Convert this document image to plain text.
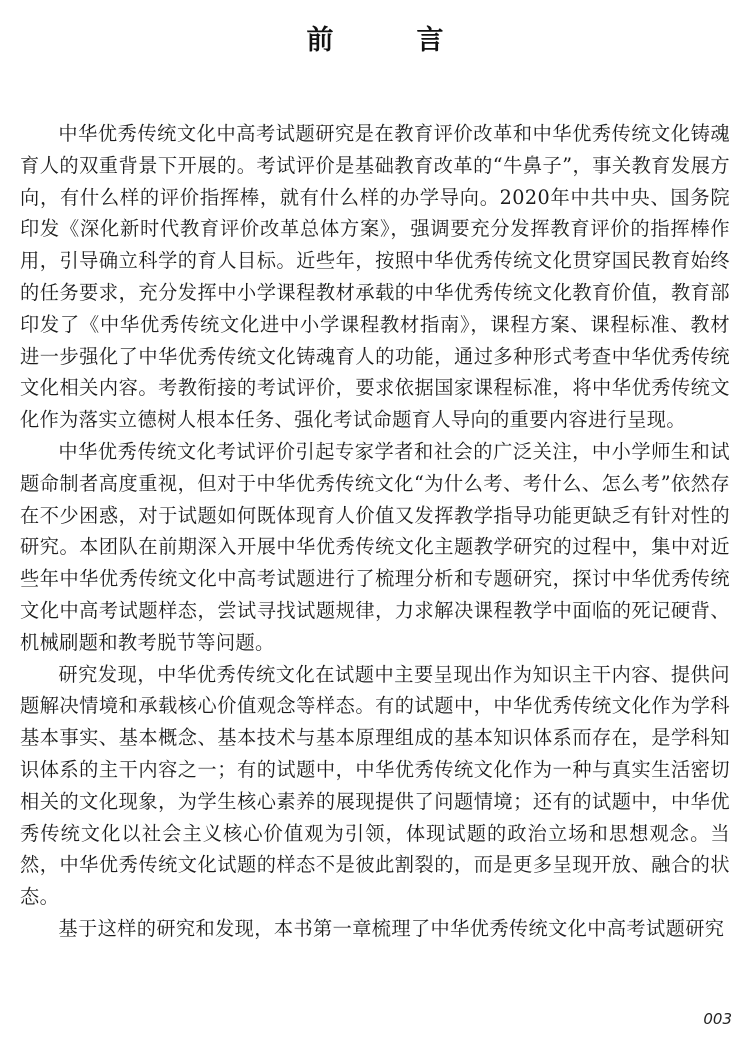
前　言

中华优秀传统文化中高考试题研究是在教育评价改革和中华优秀传统文化铸魂育人的双重背景下开展的。考试评价是基础教育改革的“牛鼻子”，事关教育发展方向，有什么样的评价指挥棒，就有什么样的办学导向。2020年中共中央、国务院印发《深化新时代教育评价改革总体方案》，强调要充分发挥教育评价的指挥棒作用，引导确立科学的育人目标。近些年，按照中华优秀传统文化贯穿国民教育始终的任务要求，充分发挥中小学课程教材承载的中华优秀传统文化教育价值，教育部印发了《中华优秀传统文化进中小学课程教材指南》，课程方案、课程标准、教材进一步强化了中华优秀传统文化铸魂育人的功能，通过多种形式考查中华优秀传统文化相关内容。考教衔接的考试评价，要求依据国家课程标准，将中华优秀传统文化作为落实立德树人根本任务、强化考试命题育人导向的重要内容进行呈现。

中华优秀传统文化考试评价引起专家学者和社会的广泛关注，中小学师生和试题命制者高度重视，但对于中华优秀传统文化“为什么考、考什么、怎么考”依然存在不少困惑，对于试题如何既体现育人价值又发挥教学指导功能更缺乏有针对性的研究。本团队在前期深入开展中华优秀传统文化主题教学研究的过程中，集中对近些年中华优秀传统文化中高考试题进行了梳理分析和专题研究，探讨中华优秀传统文化中高考试题样态，尝试寻找试题规律，力求解决课程教学中面临的死记硬背、机械刷题和教考脱节等问题。

研究发现，中华优秀传统文化在试题中主要呈现出作为知识主干内容、提供问题解决情境和承载核心价值观念等样态。有的试题中，中华优秀传统文化作为学科基本事实、基本概念、基本技术与基本原理组成的基本知识体系而存在，是学科知识体系的主干内容之一；有的试题中，中华优秀传统文化作为一种与真实生活密切相关的文化现象，为学生核心素养的展现提供了问题情境；还有的试题中，中华优秀传统文化以社会主义核心价值观为引领，体现试题的政治立场和思想观念。当然，中华优秀传统文化试题的样态不是彼此割裂的，而是更多呈现开放、融合的状态。

基于这样的研究和发现，本书第一章梳理了中华优秀传统文化中高考试题研究

003
